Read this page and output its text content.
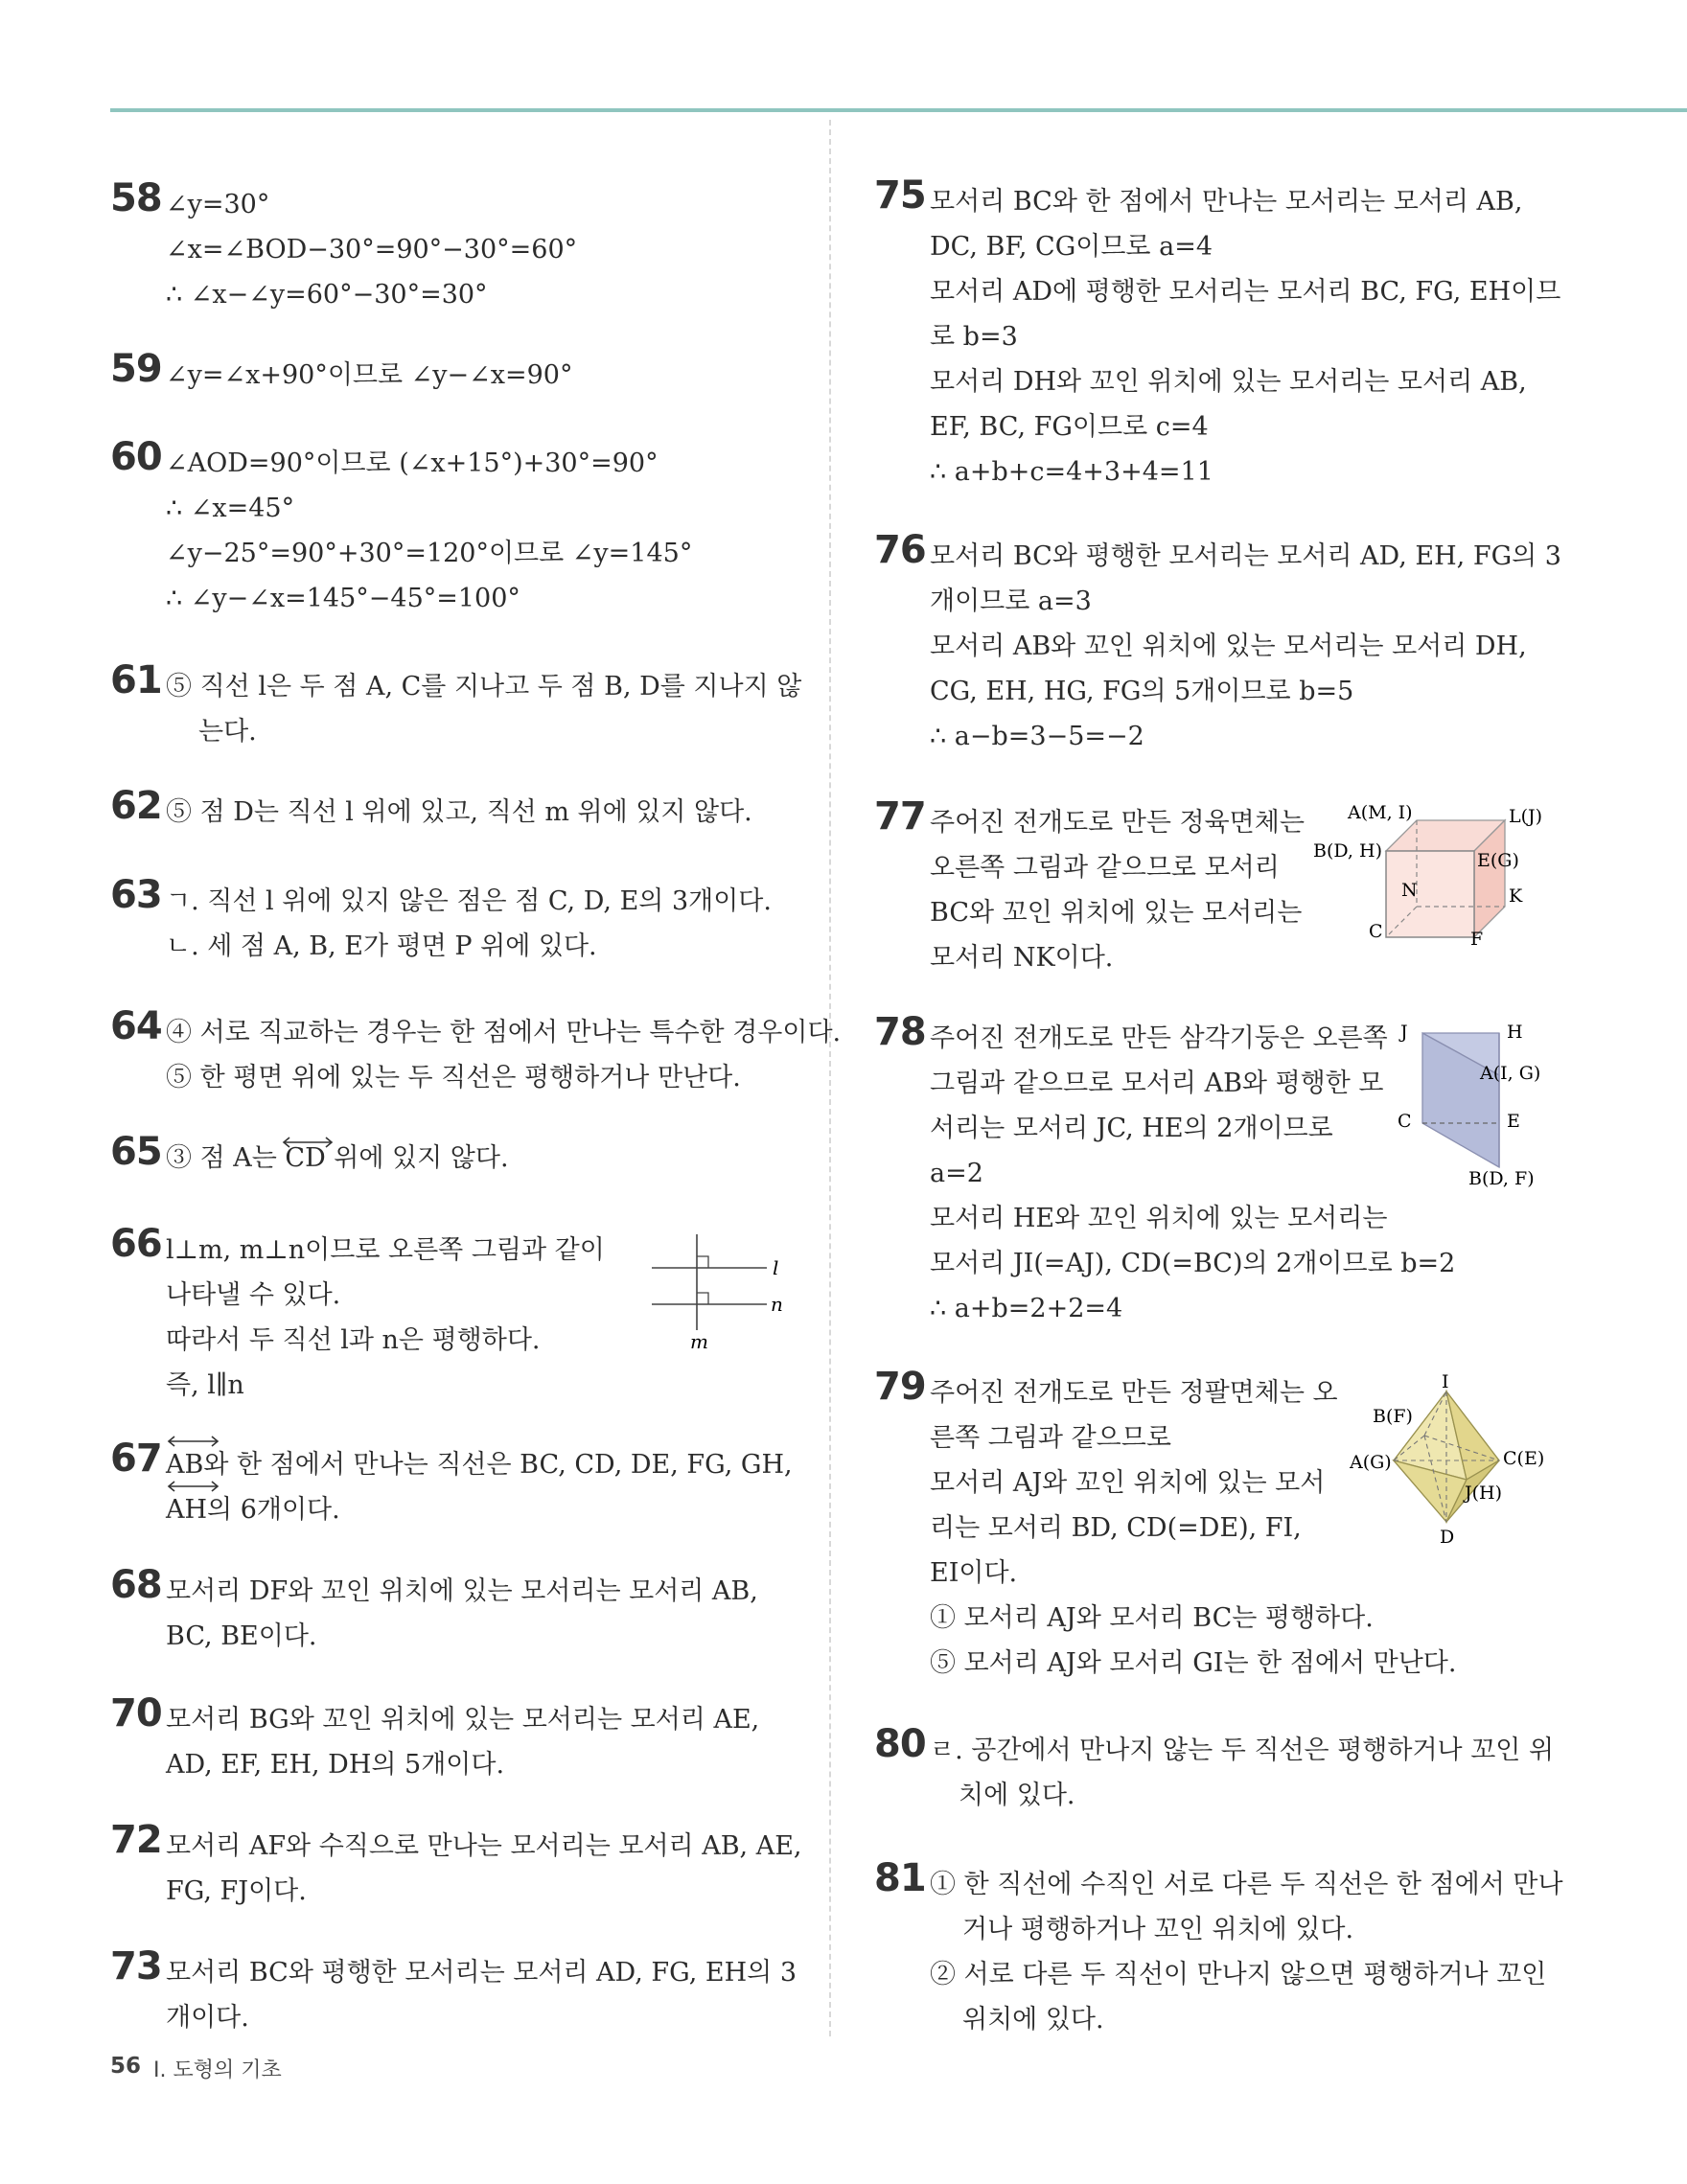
58 ∠y=30°
∠x=∠BOD−30°=90°−30°=60°
∴ ∠x−∠y=60°−30°=30°
59 ∠y=∠x+90°이므로 ∠y−∠x=90°
60 ∠AOD=90°이므로 (∠x+15°)+30°=90°
∴ ∠x=45°
∠y−25°=90°+30°=120°이므로 ∠y=145°
∴ ∠y−∠x=145°−45°=100°
61 ⑤ 직선 l은 두 점 A, C를 지나고 두 점 B, D를 지나지 않
는다.
62 ⑤ 점 D는 직선 l 위에 있고, 직선 m 위에 있지 않다.
63 ㄱ. 직선 l 위에 있지 않은 점은 점 C, D, E의 3개이다.
ㄴ. 세 점 A, B, E가 평면 P 위에 있다.
64 ④ 서로 직교하는 경우는 한 점에서 만나는 특수한 경우이다.
⑤ 한 평면 위에 있는 두 직선은 평행하거나 만난다.
65 ③ 점 A는 CD 위에 있지 않다.
66 l⊥m, m⊥n이므로 오른쪽 그림과 같이
나타낼 수 있다.
따라서 두 직선 l과 n은 평행하다.
즉, l∥n
l
n
m
67 AB와 한 점에서 만나는 직선은 BC, CD, DE, FG, GH,
AH의 6개이다.
68 모서리 DF와 꼬인 위치에 있는 모서리는 모서리 AB,
BC, BE이다.
70 모서리 BG와 꼬인 위치에 있는 모서리는 모서리 AE,
AD, EF, EH, DH의 5개이다.
72 모서리 AF와 수직으로 만나는 모서리는 모서리 AB, AE,
FG, FJ이다.
73 모서리 BC와 평행한 모서리는 모서리 AD, FG, EH의 3
개이다.
75 모서리 BC와 한 점에서 만나는 모서리는 모서리 AB,
DC, BF, CG이므로 a=4
모서리 AD에 평행한 모서리는 모서리 BC, FG, EH이므
로 b=3
모서리 DH와 꼬인 위치에 있는 모서리는 모서리 AB,
EF, BC, FG이므로 c=4
∴ a+b+c=4+3+4=11
76 모서리 BC와 평행한 모서리는 모서리 AD, EH, FG의 3
개이므로 a=3
모서리 AB와 꼬인 위치에 있는 모서리는 모서리 DH,
CG, EH, HG, FG의 5개이므로 b=5
∴ a−b=3−5=−2
77 주어진 전개도로 만든 정육면체는
오른쪽 그림과 같으므로 모서리
BC와 꼬인 위치에 있는 모서리는
모서리 NK이다.
A(M, I)	L(J)
B(D, H)	E(G)
N	K
C	F
78 주어진 전개도로 만든 삼각기둥은 오른쪽
그림과 같으므로 모서리 AB와 평행한 모
서리는 모서리 JC, HE의 2개이므로
a=2
모서리 HE와 꼬인 위치에 있는 모서리는
모서리 JI(=AJ), CD(=BC)의 2개이므로 b=2
∴ a+b=2+2=4
J	H
A(I, G)
C	E
B(D, F)
79 주어진 전개도로 만든 정팔면체는 오
른쪽 그림과 같으므로
모서리 AJ와 꼬인 위치에 있는 모서
리는 모서리 BD, CD(=DE), FI,
EI이다.
① 모서리 AJ와 모서리 BC는 평행하다.
⑤ 모서리 AJ와 모서리 GI는 한 점에서 만난다.
I
B(F)
C(E)
A(G)
J(H)
D
80 ㄹ. 공간에서 만나지 않는 두 직선은 평행하거나 꼬인 위
치에 있다.
81 ① 한 직선에 수직인 서로 다른 두 직선은 한 점에서 만나
거나 평행하거나 꼬인 위치에 있다.
② 서로 다른 두 직선이 만나지 않으면 평행하거나 꼬인
위치에 있다.
56 Ⅰ. 도형의 기초
